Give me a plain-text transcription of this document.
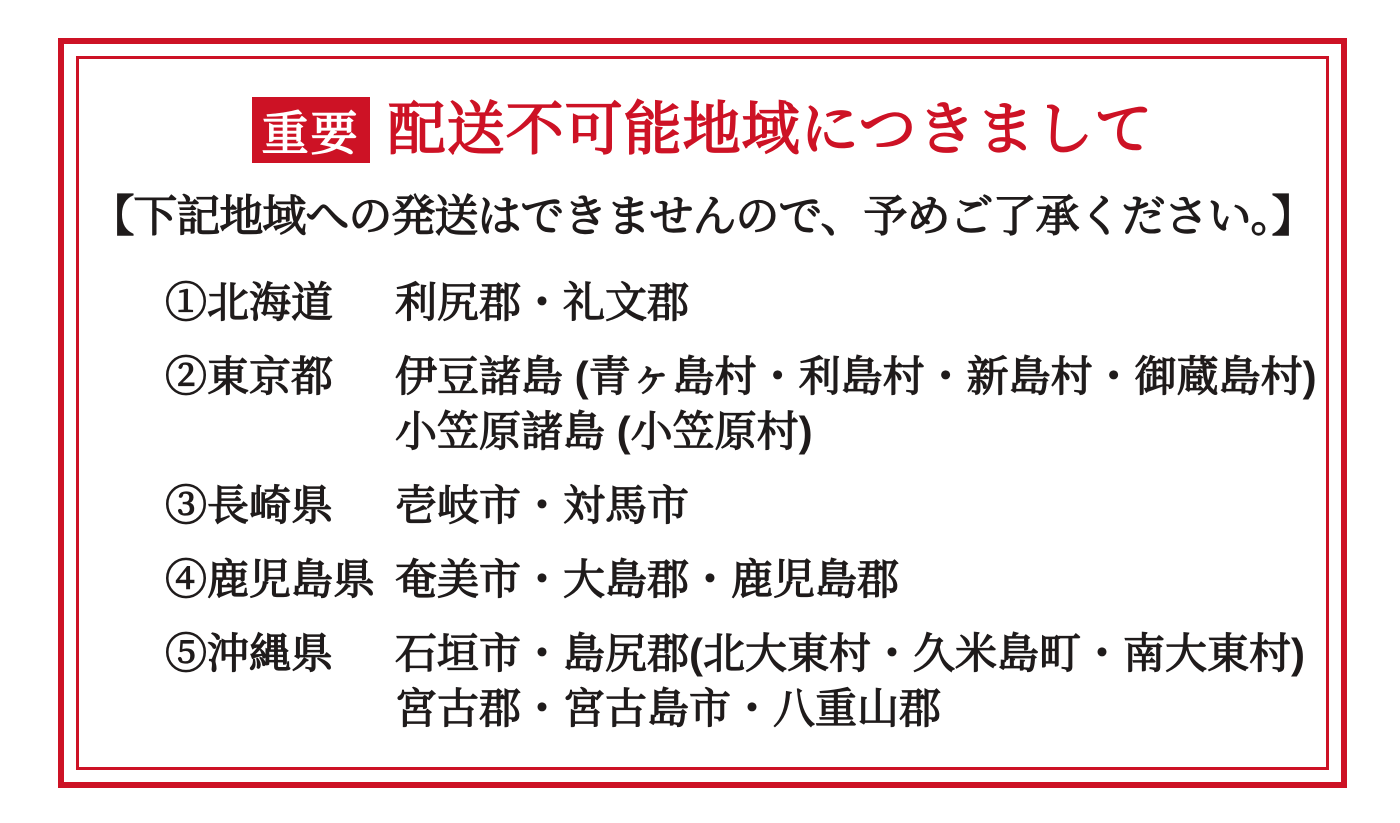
重要 配送不可能地域につきまして

【下記地域への発送はできませんので、予めご了承ください。】

①北海道	利尻郡・礼文郡
②東京都	伊豆諸島 (青ヶ島村・利島村・新島村・御蔵島村)
小笠原諸島 (小笠原村)
③長崎県	壱岐市・対馬市
④鹿児島県 奄美市・大島郡・鹿児島郡
⑤沖縄県	石垣市・島尻郡(北大東村・久米島町・南大東村)
宮古郡・宮古島市・八重山郡
